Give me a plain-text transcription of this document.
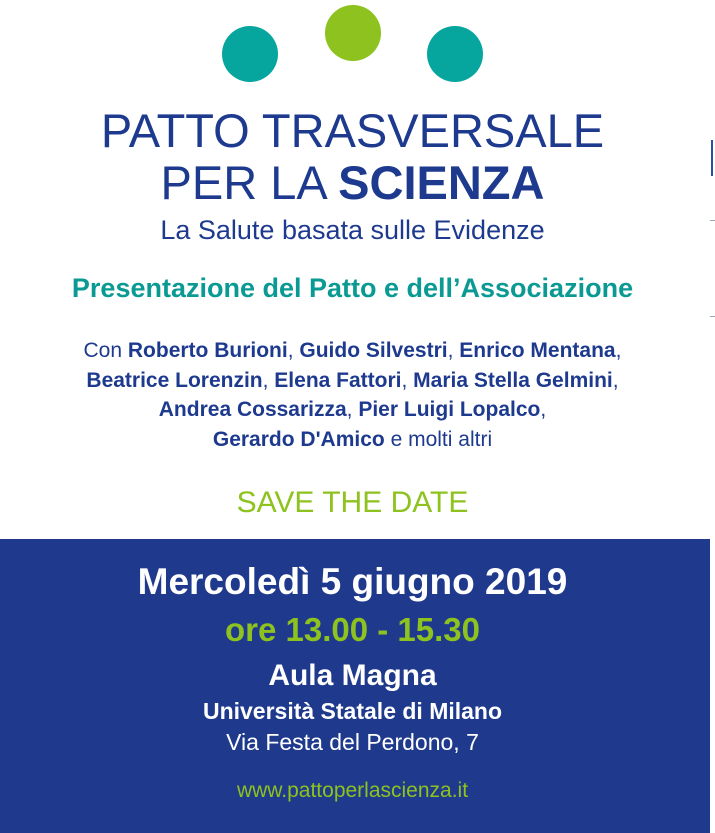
PATTO TRASVERSALE
PER LA SCIENZA
La Salute basata sulle Evidenze
Presentazione del Patto e dell’Associazione
Con Roberto Burioni, Guido Silvestri, Enrico Mentana,
Beatrice Lorenzin, Elena Fattori, Maria Stella Gelmini,
Andrea Cossarizza, Pier Luigi Lopalco,
Gerardo D'Amico e molti altri
SAVE THE DATE
Mercoledì 5 giugno 2019
ore 13.00 - 15.30
Aula Magna
Università Statale di Milano
Via Festa del Perdono, 7
www.pattoperlascienza.it
